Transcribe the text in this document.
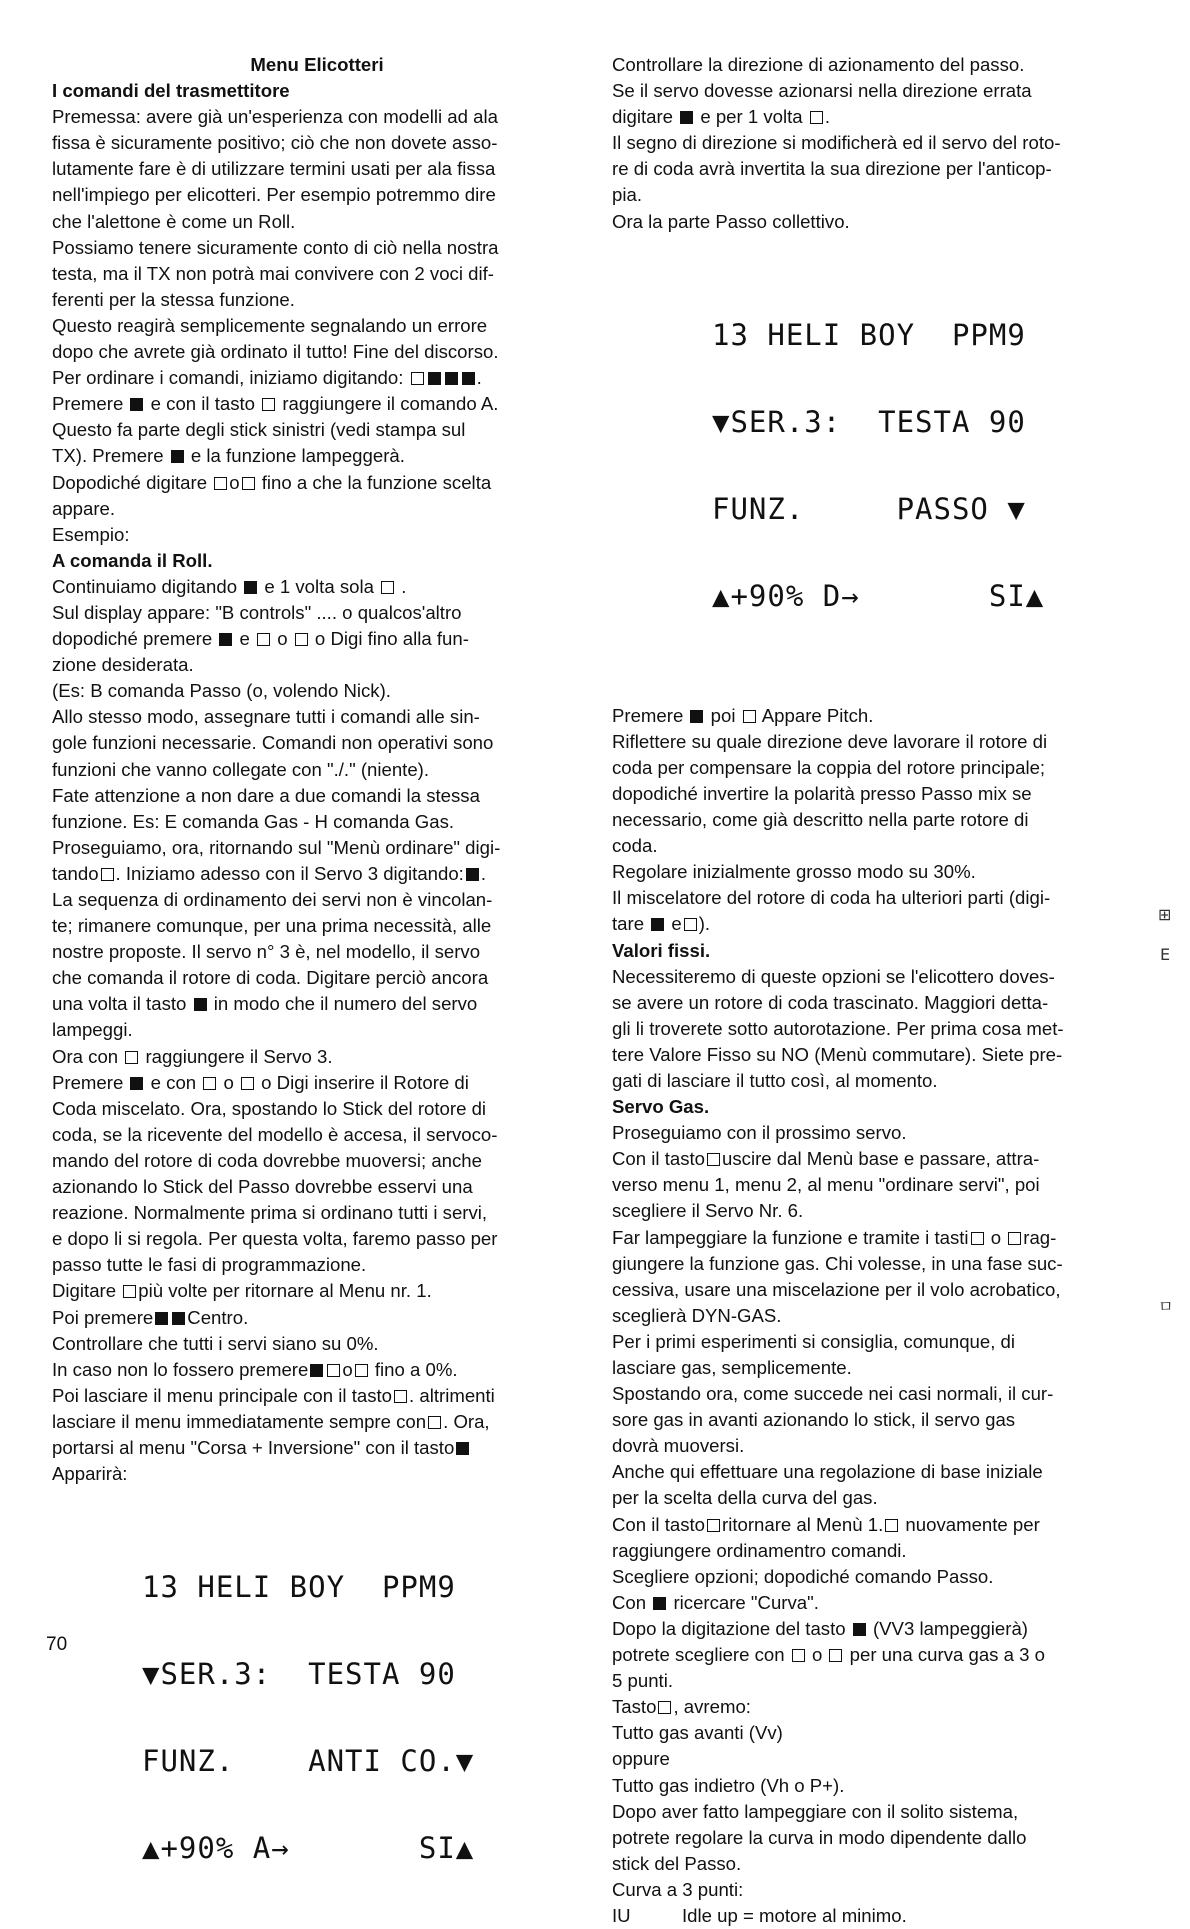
Menu Elicotteri

I comandi del trasmettitore

Premessa: avere già un'esperienza con modelli ad ala

fissa è sicuramente positivo; ciò che non dovete asso-

lutamente fare è di utilizzare termini usati per ala fissa

nell'impiego per elicotteri. Per esempio potremmo dire

che l'alettone è come un Roll.

Possiamo tenere sicuramente conto di ciò nella nostra

testa, ma il TX non potrà mai convivere con 2 voci dif-

ferenti per la stessa funzione.

Questo reagirà semplicemente segnalando un errore

dopo che avrete già ordinato il tutto! Fine del discorso.

Per ordinare i comandi, iniziamo digitando:	.

Premere  e con il tasto  raggiungere il comando A.

Questo fa parte degli stick sinistri (vedi stampa sul

TX). Premere  e la funzione lampeggerà.

Dopodiché digitare o fino a che la funzione scelta

appare.

Esempio:

A comanda il Roll.

Continuiamo digitando  e 1 volta sola  .

Sul display appare: "B controls" .... o qualcos'altro

dopodiché premere  e  o  o Digi fino alla fun-

zione desiderata.

(Es: B comanda Passo (o, volendo Nick).

Allo stesso modo, assegnare tutti i comandi alle sin-

gole funzioni necessarie. Comandi non operativi sono

funzioni che vanno collegate con "./." (niente).

Fate attenzione a non dare a due comandi la stessa

funzione. Es: E comanda Gas - H comanda Gas.

Proseguiamo, ora, ritornando sul "Menù ordinare" digi-

tando . Iniziamo adesso con il Servo 3 digitando: .

La sequenza di ordinamento dei servi non è vincolan-

te; rimanere comunque, per una prima necessità, alle

nostre proposte. Il servo n° 3 è, nel modello, il servo

che comanda il rotore di coda. Digitare perciò ancora

una volta il tasto  in modo che il numero del servo

lampeggi.

Ora con  raggiungere il Servo 3.

Premere  e con  o  o Digi inserire il Rotore di

Coda miscelato. Ora, spostando lo Stick del rotore di

coda, se la ricevente del modello è accesa, il servoco-

mando del rotore di coda dovrebbe muoversi; anche

azionando lo Stick del Passo dovrebbe esservi una

reazione. Normalmente prima si ordinano tutti i servi,

e dopo li si regola. Per questa volta, faremo passo per

passo tutte le fasi di programmazione.

Digitare più volte per ritornare al Menu nr. 1.

Poi premere Centro.

Controllare che tutti i servi siano su 0%.

In caso non lo fossero premere o fino a 0%.

Poi lasciare il menu principale con il tasto . altrimenti

lasciare il menu immediatamente sempre con . Ora,

portarsi al menu "Corsa + Inversione" con il tasto

Apparirà:

13 HELI BOY  PPM9

▼SER.3:  TESTA 90

FUNZ.    ANTI CO.▼

▲+90% A→       SI▲

Controllare la direzione di azionamento del passo.

Se il servo dovesse azionarsi nella direzione errata

digitare  e per 1 volta .

Il segno di direzione si modificherà ed il servo del roto-

re di coda avrà invertita la sua direzione per l'anticop-

pia.

Ora la parte Passo collettivo.

13 HELI BOY  PPM9

▼SER.3:  TESTA 90

FUNZ.     PASSO ▼

▲+90% D→       SI▲

Premere  poi  Appare Pitch.

Riflettere su quale direzione deve lavorare il rotore di

coda per compensare la coppia del rotore principale;

dopodiché invertire la polarità presso Passo mix se

necessario, come già descritto nella parte rotore di

coda.

Regolare inizialmente grosso modo su 30%.

Il miscelatore del rotore di coda ha ulteriori parti (digi-

tare  e ).

Valori fissi.

Necessiteremo di queste opzioni se l'elicottero doves-

se avere un rotore di coda trascinato. Maggiori detta-

gli li troverete sotto autorotazione. Per prima cosa met-

tere Valore Fisso su NO (Menù commutare). Siete pre-

gati di lasciare il tutto così, al momento.

Servo Gas.

Proseguiamo con il prossimo servo.

Con il tasto uscire dal Menù base e passare, attra-

verso menu 1, menu 2, al menu "ordinare servi", poi

scegliere il Servo Nr. 6.

Far lampeggiare la funzione e tramite i tasti o rag-

giungere la funzione gas. Chi volesse, in una fase suc-

cessiva, usare una miscelazione per il volo acrobatico,

sceglierà DYN-GAS.

Per i primi esperimenti si consiglia, comunque, di

lasciare gas, semplicemente.

Spostando ora, come succede nei casi normali, il cur-

sore gas in avanti azionando lo stick, il servo gas

dovrà muoversi.

Anche qui effettuare una regolazione di base iniziale

per la scelta della curva del gas.

Con il tasto ritornare al Menù 1. nuovamente per

raggiungere ordinamentro comandi.

Scegliere opzioni; dopodiché comando Passo.

Con  ricercare "Curva".

Dopo la digitazione del tasto  (VV3 lampeggierà)

potrete scegliere con  o  per una curva gas a 3 o

5 punti.

Tasto , avremo:

Tutto gas avanti (Vv)

oppure

Tutto gas indietro (Vh o P+).

Dopo aver fatto lampeggiare con il solito sistema,

potrete regolare la curva in modo dipendente dallo

stick del Passo.

Curva a 3 punti:

IU	Idle up = motore al minimo.

⊞
E
ㅁ
70
